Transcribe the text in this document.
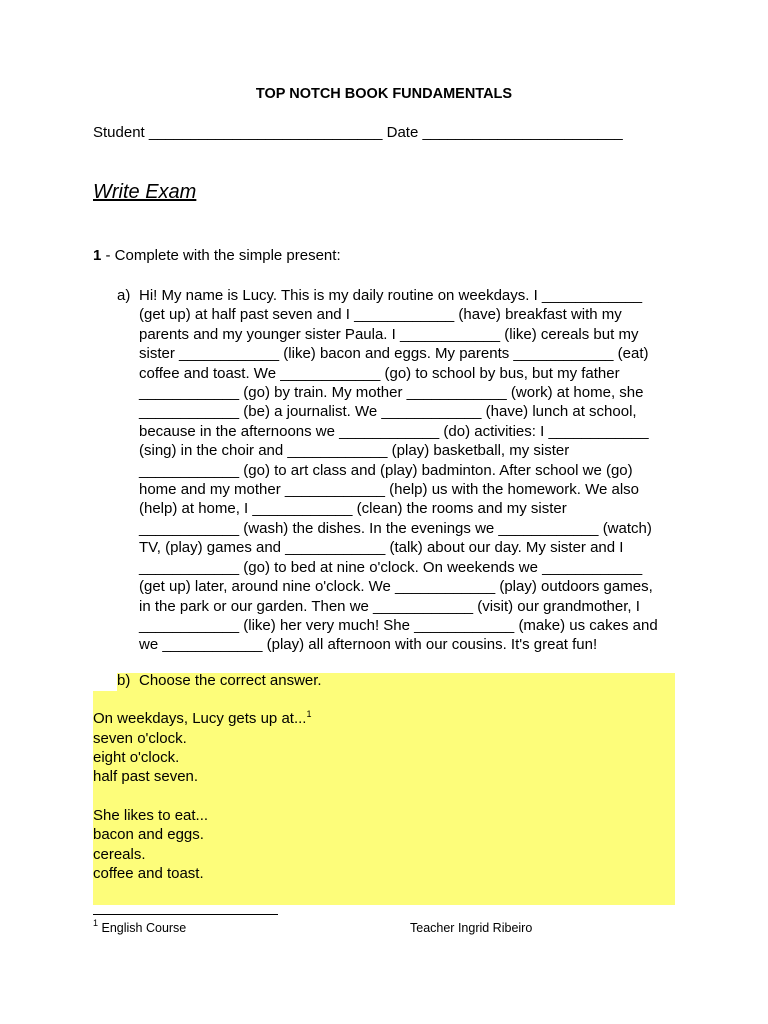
TOP NOTCH BOOK FUNDAMENTALS
Student ____________________________ Date ________________________
Write Exam
1 - Complete with the simple present:
a) Hi! My name is Lucy. This is my daily routine on weekdays. I ____________
(get up) at half past seven and I ____________ (have) breakfast with my
parents and my younger sister Paula. I ____________ (like) cereals but my
sister ____________ (like) bacon and eggs. My parents ____________ (eat)
coffee and toast. We ____________ (go) to school by bus, but my father
____________ (go) by train. My mother ____________ (work) at home, she
____________ (be) a journalist. We ____________ (have) lunch at school,
because in the afternoons we ____________ (do) activities: I ____________
(sing) in the choir and ____________ (play) basketball, my sister
____________ (go) to art class and (play) badminton. After school we (go)
home and my mother ____________ (help) us with the homework. We also
(help) at home, I ____________ (clean) the rooms and my sister
____________ (wash) the dishes. In the evenings we ____________ (watch)
TV, (play) games and ____________ (talk) about our day. My sister and I
____________ (go) to bed at nine o'clock. On weekends we ____________
(get up) later, around nine o'clock. We ____________ (play) outdoors games,
in the park or our garden. Then we ____________ (visit) our grandmother, I
____________ (like) her very much! She ____________ (make) us cakes and
we ____________ (play) all afternoon with our cousins. It's great fun!
b) Choose the correct answer.
On weekdays, Lucy gets up at...$^1$
seven o'clock.
eight o'clock.
half past seven.
She likes to eat...
bacon and eggs.
cereals.
coffee and toast.
$^1$ English Course	Teacher Ingrid Ribeiro
